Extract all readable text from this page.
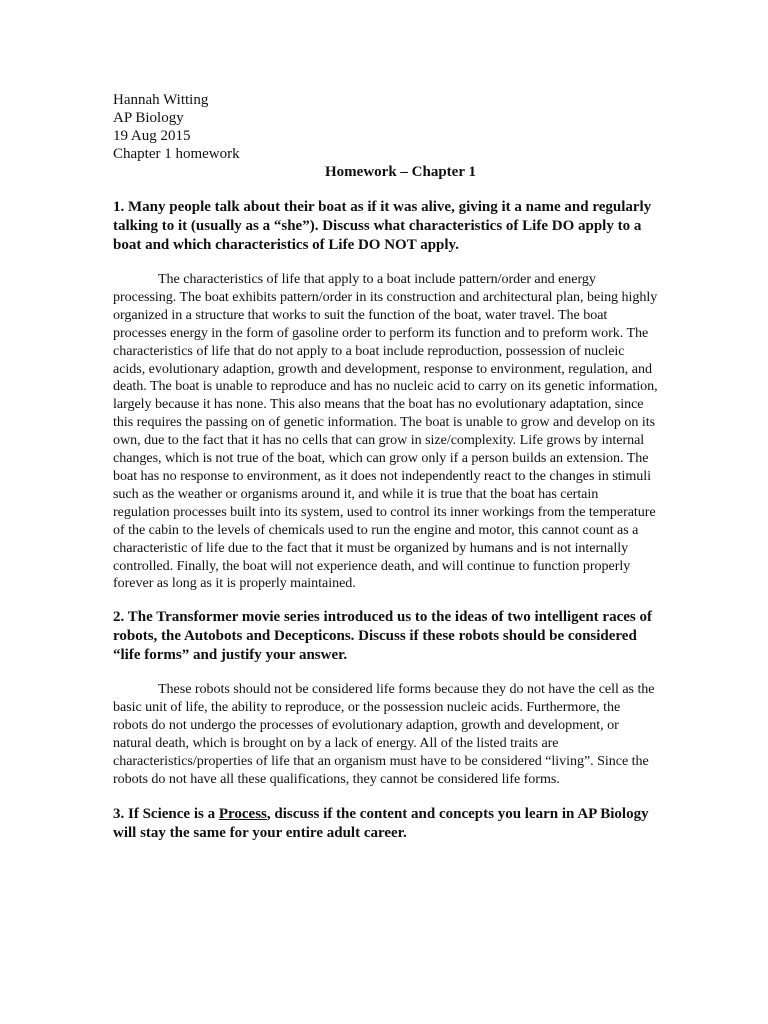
Hannah Witting

AP Biology

19 Aug 2015

Chapter 1 homework

Homework – Chapter 1

1. Many people talk about their boat as if it was alive, giving it a name and regularly talking to it (usually as a “she”). Discuss what characteristics of Life DO apply to a boat and which characteristics of Life DO NOT apply.

The characteristics of life that apply to a boat include pattern/order and energy processing. The boat exhibits pattern/order in its construction and architectural plan, being highly organized in a structure that works to suit the function of the boat, water travel. The boat processes energy in the form of gasoline order to perform its function and to preform work. The characteristics of life that do not apply to a boat include reproduction, possession of nucleic acids, evolutionary adaption, growth and development, response to environment, regulation, and death. The boat is unable to reproduce and has no nucleic acid to carry on its genetic information, largely because it has none. This also means that the boat has no evolutionary adaptation, since this requires the passing on of genetic information. The boat is unable to grow and develop on its own, due to the fact that it has no cells that can grow in size/complexity. Life grows by internal changes, which is not true of the boat, which can grow only if a person builds an extension. The boat has no response to environment, as it does not independently react to the changes in stimuli such as the weather or organisms around it, and while it is true that the boat has certain regulation processes built into its system, used to control its inner workings from the temperature of the cabin to the levels of chemicals used to run the engine and motor, this cannot count as a characteristic of life due to the fact that it must be organized by humans and is not internally controlled. Finally, the boat will not experience death, and will continue to function properly forever as long as it is properly maintained.

2. The Transformer movie series introduced us to the ideas of two intelligent races of robots, the Autobots and Decepticons. Discuss if these robots should be considered “life forms” and justify your answer.

These robots should not be considered life forms because they do not have the cell as the basic unit of life, the ability to reproduce, or the possession nucleic acids. Furthermore, the robots do not undergo the processes of evolutionary adaption, growth and development, or natural death, which is brought on by a lack of energy. All of the listed traits are characteristics/properties of life that an organism must have to be considered “living”. Since the robots do not have all these qualifications, they cannot be considered life forms.

3. If Science is a Process, discuss if the content and concepts you learn in AP Biology will stay the same for your entire adult career.
